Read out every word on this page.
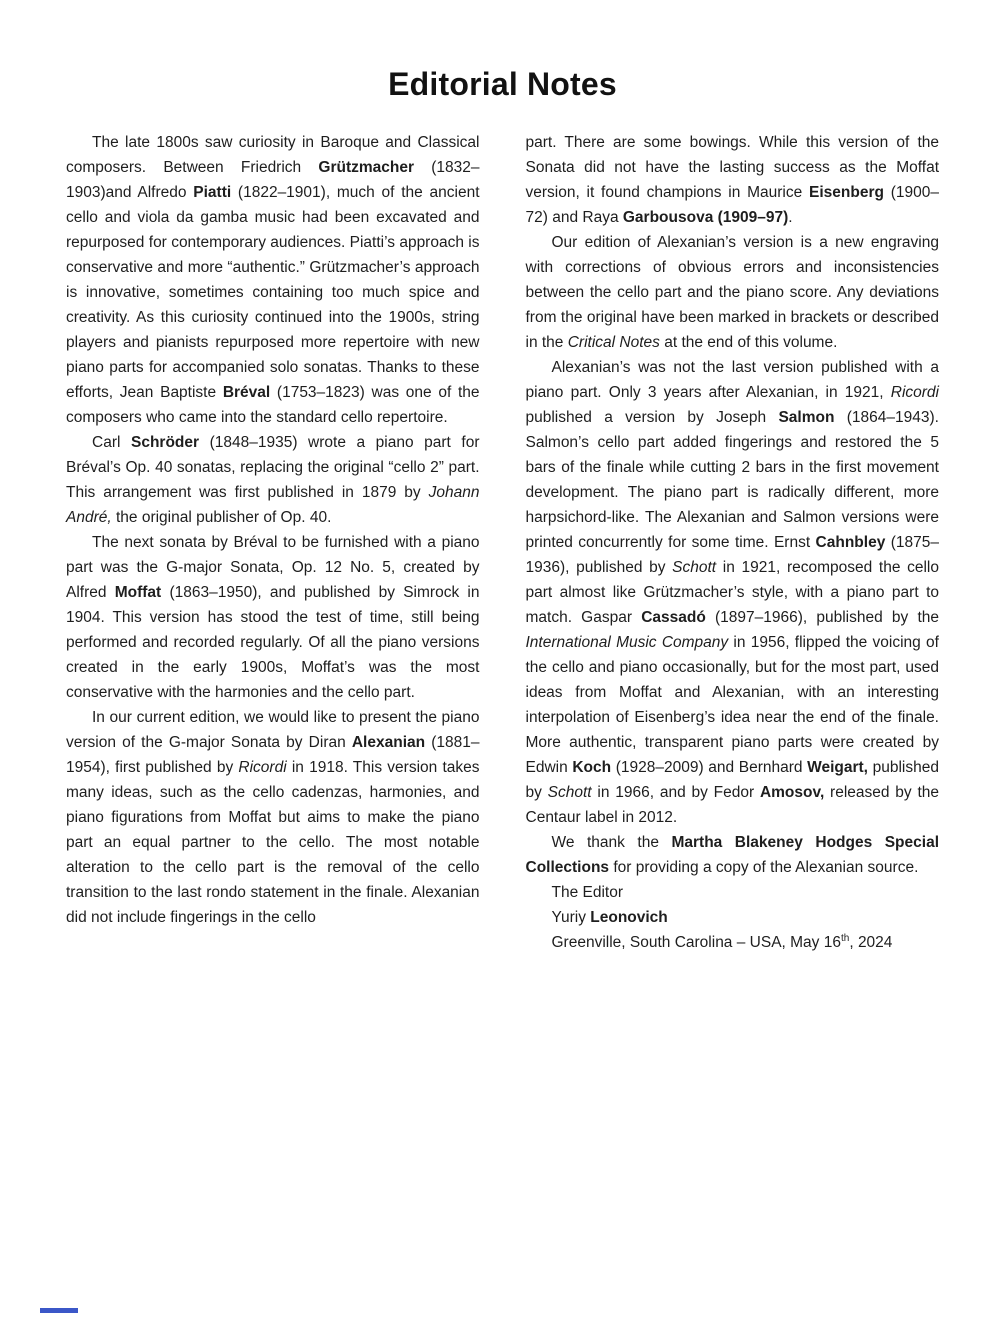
Editorial Notes

The late 1800s saw curiosity in Baroque and Classical composers. Between Friedrich Grützmacher (1832–1903)and Alfredo Piatti (1822–1901), much of the ancient cello and viola da gamba music had been excavated and repurposed for contemporary audiences. Piatti’s approach is conservative and more “authentic.” Grützmacher’s approach is innovative, sometimes containing too much spice and creativity. As this curiosity continued into the 1900s, string players and pianists repurposed more repertoire with new piano parts for accompanied solo sonatas. Thanks to these efforts, Jean Baptiste Bréval (1753–1823) was one of the composers who came into the standard cello repertoire.

Carl Schröder (1848–1935) wrote a piano part for Bréval’s Op. 40 sonatas, replacing the original “cello 2” part. This arrangement was first published in 1879 by Johann André, the original publisher of Op. 40.

The next sonata by Bréval to be furnished with a piano part was the G-major Sonata, Op. 12 No. 5, created by Alfred Moffat (1863–1950), and published by Simrock in 1904. This version has stood the test of time, still being performed and recorded regularly. Of all the piano versions created in the early 1900s, Moffat’s was the most conservative with the harmonies and the cello part.

In our current edition, we would like to present the piano version of the G-major Sonata by Diran Alexanian (1881–1954), first published by Ricordi in 1918. This version takes many ideas, such as the cello cadenzas, harmonies, and piano figurations from Moffat but aims to make the piano part an equal partner to the cello. The most notable alteration to the cello part is the removal of the cello transition to the last rondo statement in the finale. Alexanian did not include fingerings in the cello

part. There are some bowings. While this version of the Sonata did not have the lasting success as the Moffat version, it found champions in Maurice Eisenberg (1900–72) and Raya Garbousova (1909–97).

Our edition of Alexanian’s version is a new engraving with corrections of obvious errors and inconsistencies between the cello part and the piano score. Any deviations from the original have been marked in brackets or described in the Critical Notes at the end of this volume.

Alexanian’s was not the last version published with a piano part. Only 3 years after Alexanian, in 1921, Ricordi published a version by Joseph Salmon (1864–1943). Salmon’s cello part added fingerings and restored the 5 bars of the finale while cutting 2 bars in the first movement development. The piano part is radically different, more harpsichord-like. The Alexanian and Salmon versions were printed concurrently for some time. Ernst Cahnbley (1875–1936), published by Schott in 1921, recomposed the cello part almost like Grützmacher’s style, with a piano part to match. Gaspar Cassadó (1897–1966), published by the International Music Company in 1956, flipped the voicing of the cello and piano occasionally, but for the most part, used ideas from Moffat and Alexanian, with an interesting interpolation of Eisenberg’s idea near the end of the finale. More authentic, transparent piano parts were created by Edwin Koch (1928–2009) and Bernhard Weigart, published by Schott in 1966, and by Fedor Amosov, released by the Centaur label in 2012.

We thank the Martha Blakeney Hodges Special Collections for providing a copy of the Alexanian source.

The Editor

Yuriy Leonovich

Greenville, South Carolina – USA, May 16th, 2024
